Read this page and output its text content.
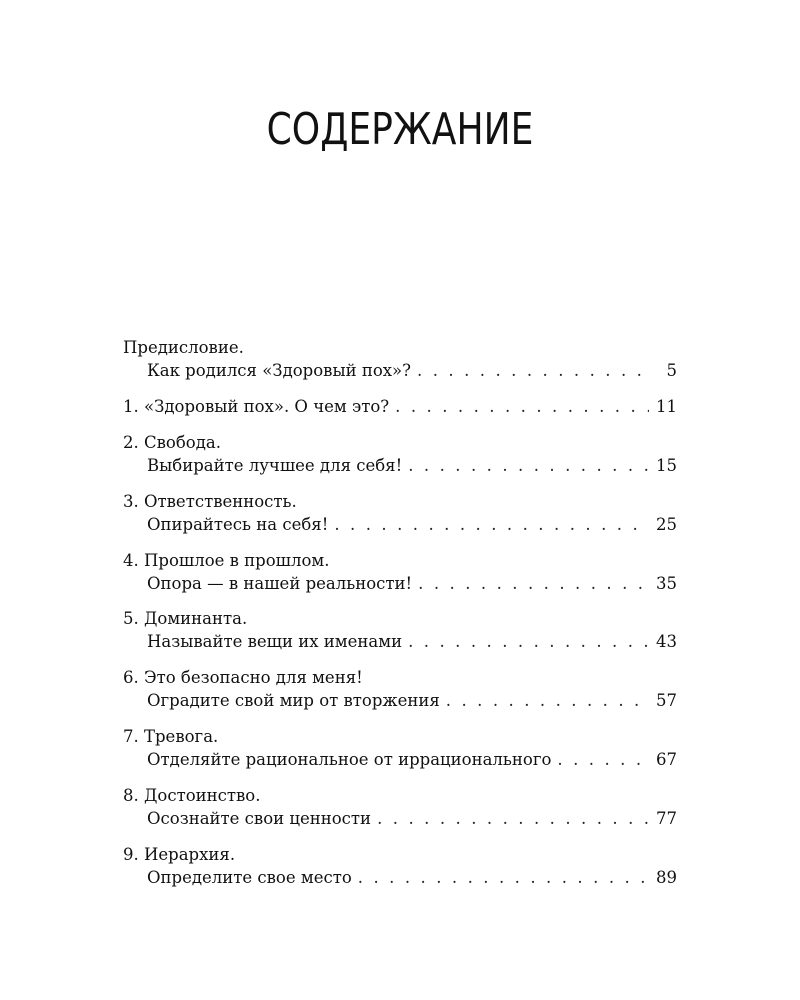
СОДЕРЖАНИЕ
Предисловие.
Как родился «Здоровый пох»? . . .	5
1. «Здоровый пох». О чем это? . . .	11
2. Свобода.
Выбирайте лучшее для себя! . . .	15
3. Ответственность.
Опирайтесь на себя! . . .	25
4. Прошлое в прошлом.
Опора — в нашей реальности! . . .	35
5. Доминанта.
Называйте вещи их именами . . .	43
6. Это безопасно для меня!
Оградите свой мир от вторжения . . .	57
7. Тревога.
Отделяйте рациональное от иррационального . . .	67
8. Достоинство.
Осознайте свои ценности . . .	77
9. Иерархия.
Определите свое место . . .	89
